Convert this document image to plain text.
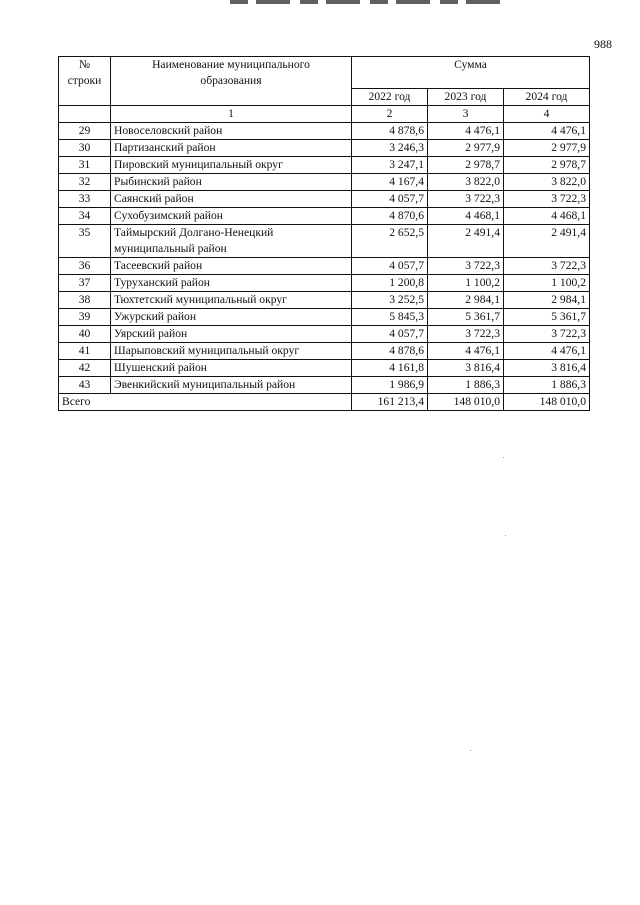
988
№
строки	Наименование муниципального образования	Сумма		
		2022 год	2023 год	2024 год
	1	2	3	4
29	Новоселовский район	4 878,6	4 476,1	4 476,1
30	Партизанский район	3 246,3	2 977,9	2 977,9
31	Пировский муниципальный округ	3 247,1	2 978,7	2 978,7
32	Рыбинский район	4 167,4	3 822,0	3 822,0
33	Саянский район	4 057,7	3 722,3	3 722,3
34	Сухобузимский район	4 870,6	4 468,1	4 468,1
35	Таймырский Долгано-Ненецкий муниципальный район	2 652,5	2 491,4	2 491,4
36	Тасеевский район	4 057,7	3 722,3	3 722,3
37	Туруханский район	1 200,8	1 100,2	1 100,2
38	Тюхтетский муниципальный округ	3 252,5	2 984,1	2 984,1
39	Ужурский район	5 845,3	5 361,7	5 361,7
40	Уярский район	4 057,7	3 722,3	3 722,3
41	Шарыповский муниципальный округ	4 878,6	4 476,1	4 476,1
42	Шушенский район	4 161,8	3 816,4	3 816,4
43	Эвенкийский муниципальный район	1 986,9	1 886,3	1 886,3
Всего		161 213,4	148 010,0	148 010,0
